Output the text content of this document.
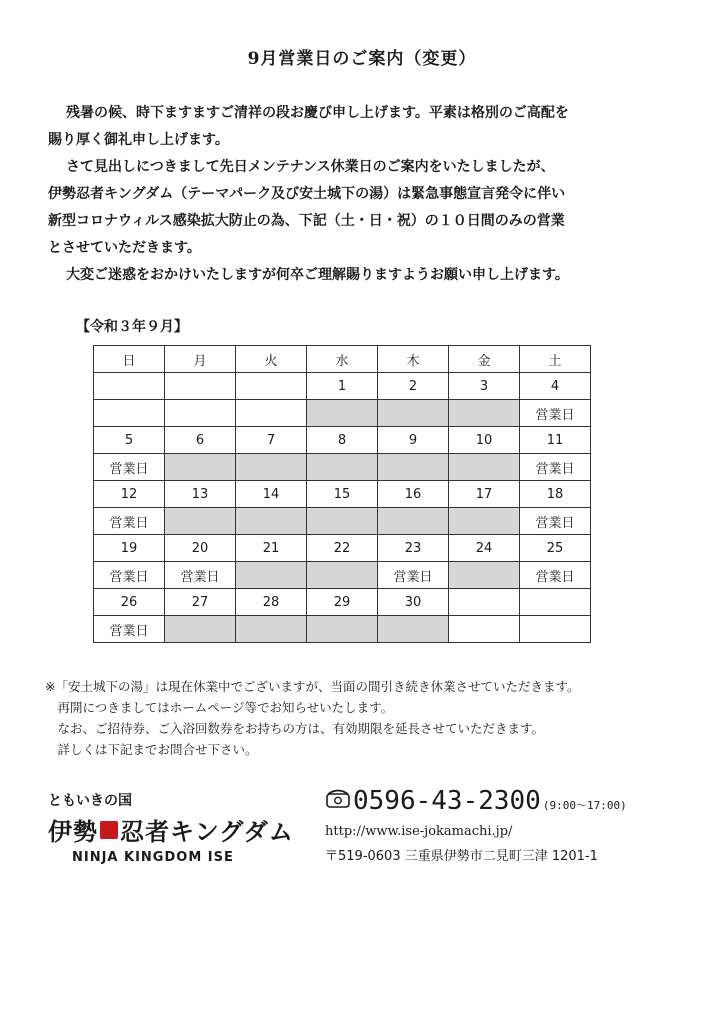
9月営業日のご案内（変更）

残暑の候、時下ますますご清祥の段お慶び申し上げます。平素は格別のご高配を

賜り厚く御礼申し上げます。

さて見出しにつきまして先日メンテナンス休業日のご案内をいたしましたが、

伊勢忍者キングダム（テーマパーク及び安土城下の湯）は緊急事態宣言発令に伴い

新型コロナウィルス感染拡大防止の為、下記（土・日・祝）の１０日間のみの営業

とさせていただきます。

大変ご迷惑をおかけいたしますが何卒ご理解賜りますようお願い申し上げます。

【令和３年９月】
日	月	火	水	木	金	土
			1	2	3	4
						営業日
5	6	7	8	9	10	11
営業日						営業日
12	13	14	15	16	17	18
営業日						営業日
19	20	21	22	23	24	25
営業日	営業日			営業日		営業日
26	27	28	29	30		
営業日						

※「安土城下の湯」は現在休業中でございますが、当面の間引き続き休業させていただきます。

　再開につきましてはホームページ等でお知らせいたします。

　なお、ご招待券、ご入浴回数券をお持ちの方は、有効期限を延長させていただきます。

　詳しくは下記までお問合せ下さい。

ともいきの国
伊勢 忍者キングダム
NINJA KINGDOM ISE
0596-43-2300 (9:00～17:00)
http://www.ise-jokamachi.jp/
〒519-0603 三重県伊勢市二見町三津 1201-1
